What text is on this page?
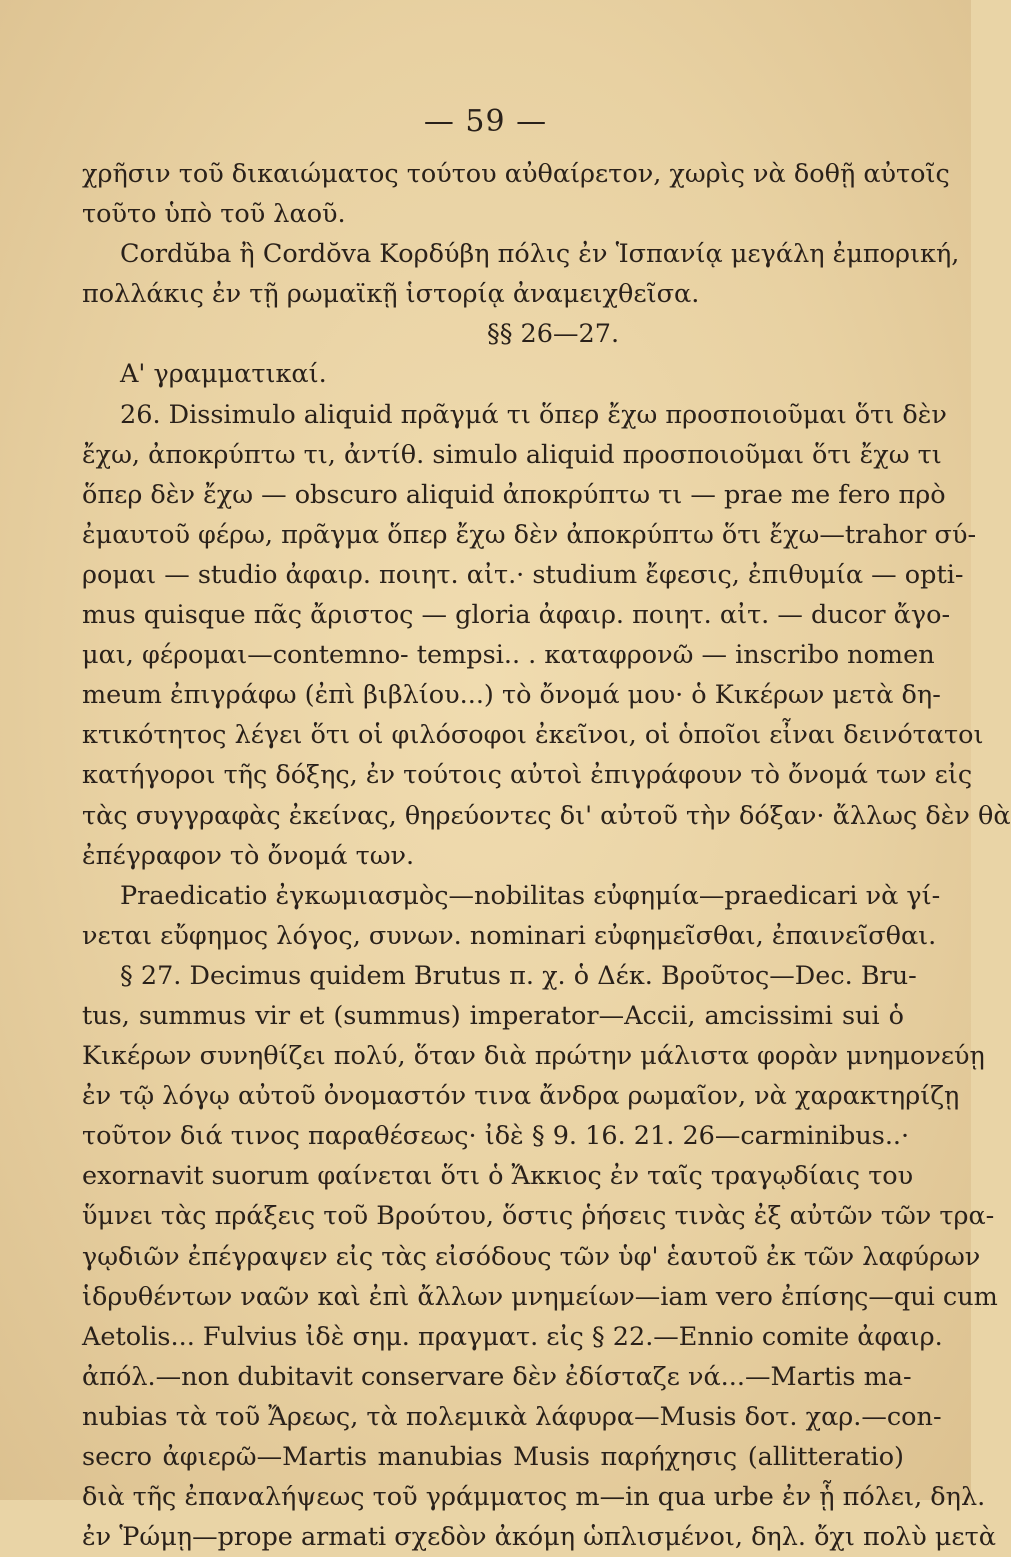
— 59 —
χρῆσιν τοῦ δικαιώματος τούτου αὐθαίρετον, χωρὶς νὰ δοθῇ αὐτοῖς
τοῦτο ὑπὸ τοῦ λαοῦ.
Cordŭba ἢ Cordŏva Κορδύβη πόλις ἐν Ἱσπανίᾳ μεγάλη ἐμπορική,
πολλάκις ἐν τῇ ρωμαϊκῇ ἱστορίᾳ ἀναμειχθεῖσα.
§§ 26—27.
Α' γραμματικαί.
26. Dissimulo aliquid πρᾶγμά τι ὅπερ ἔχω προσποιοῦμαι ὅτι δὲν
ἔχω, ἀποκρύπτω τι, ἀντίθ. simulo aliquid προσποιοῦμαι ὅτι ἔχω τι
ὅπερ δὲν ἔχω — obscuro aliquid ἀποκρύπτω τι — prae me fero πρὸ
ἐμαυτοῦ φέρω, πρᾶγμα ὅπερ ἔχω δὲν ἀποκρύπτω ὅτι ἔχω—trahor σύ-
ρομαι — studio ἀφαιρ. ποιητ. αἰτ.· studium ἔφεσις, ἐπιθυμία — opti-
mus quisque πᾶς ἄριστος — gloria ἀφαιρ. ποιητ. αἰτ. — ducor ἄγο-
μαι, φέρομαι—contemno- tempsi.. . καταφρονῶ — inscribo nomen
meum ἐπιγράφω (ἐπὶ βιβλίου...) τὸ ὄνομά μου· ὁ Κικέρων μετὰ δη-
κτικότητος λέγει ὅτι οἱ φιλόσοφοι ἐκεῖνοι, οἱ ὁποῖοι εἶναι δεινότατοι
κατήγοροι τῆς δόξης, ἐν τούτοις αὐτοὶ ἐπιγράφουν τὸ ὄνομά των εἰς
τὰς συγγραφὰς ἐκείνας, θηρεύοντες δι' αὐτοῦ τὴν δόξαν· ἄλλως δὲν θὰ
ἐπέγραφον τὸ ὄνομά των.
Praedicatio ἐγκωμιασμὸς—nobilitas εὐφημία—praedicari νὰ γί-
νεται εὔφημος λόγος, συνων. nominari εὐφημεῖσθαι, ἐπαινεῖσθαι.
§ 27. Decimus quidem Brutus π. χ. ὁ Δέκ. Βροῦτος—Dec. Bru-
tus, summus vir et (summus) imperator—Accii, amcissimi sui ὁ
Κικέρων συνηθίζει πολύ, ὅταν διὰ πρώτην μάλιστα φορὰν μνημονεύῃ
ἐν τῷ λόγῳ αὐτοῦ ὀνομαστόν τινα ἄνδρα ρωμαῖον, νὰ χαρακτηρίζῃ
τοῦτον διά τινος παραθέσεως· ἰδὲ § 9. 16. 21. 26—carminibus..·
exornavit suorum φαίνεται ὅτι ὁ Ἄκκιος ἐν ταῖς τραγῳδίαις του
ὕμνει τὰς πράξεις τοῦ Βρούτου, ὅστις ῥήσεις τινὰς ἐξ αὐτῶν τῶν τρα-
γῳδιῶν ἐπέγραψεν εἰς τὰς εἰσόδους τῶν ὑφ' ἑαυτοῦ ἐκ τῶν λαφύρων
ἱδρυθέντων ναῶν καὶ ἐπὶ ἄλλων μνημείων—iam vero ἐπίσης—qui cum
Aetolis... Fulvius ἰδὲ σημ. πραγματ. εἰς § 22.—Ennio comite ἀφαιρ.
ἀπόλ.—non dubitavit conservare δὲν ἐδίσταζε νά...—Martis ma-
nubias τὰ τοῦ Ἄρεως, τὰ πολεμικὰ λάφυρα—Musis δοτ. χαρ.—con-
secro ἀφιερῶ—Martis manubias Musis παρήχησις (allitteratio)
διὰ τῆς ἐπαναλήψεως τοῦ γράμματος m—in qua urbe ἐν ᾗ πόλει, δηλ.
ἐν Ῥώμῃ—prope armati σχεδὸν ἀκόμη ὡπλισμένοι, δηλ. ὄχι πολὺ μετὰ
